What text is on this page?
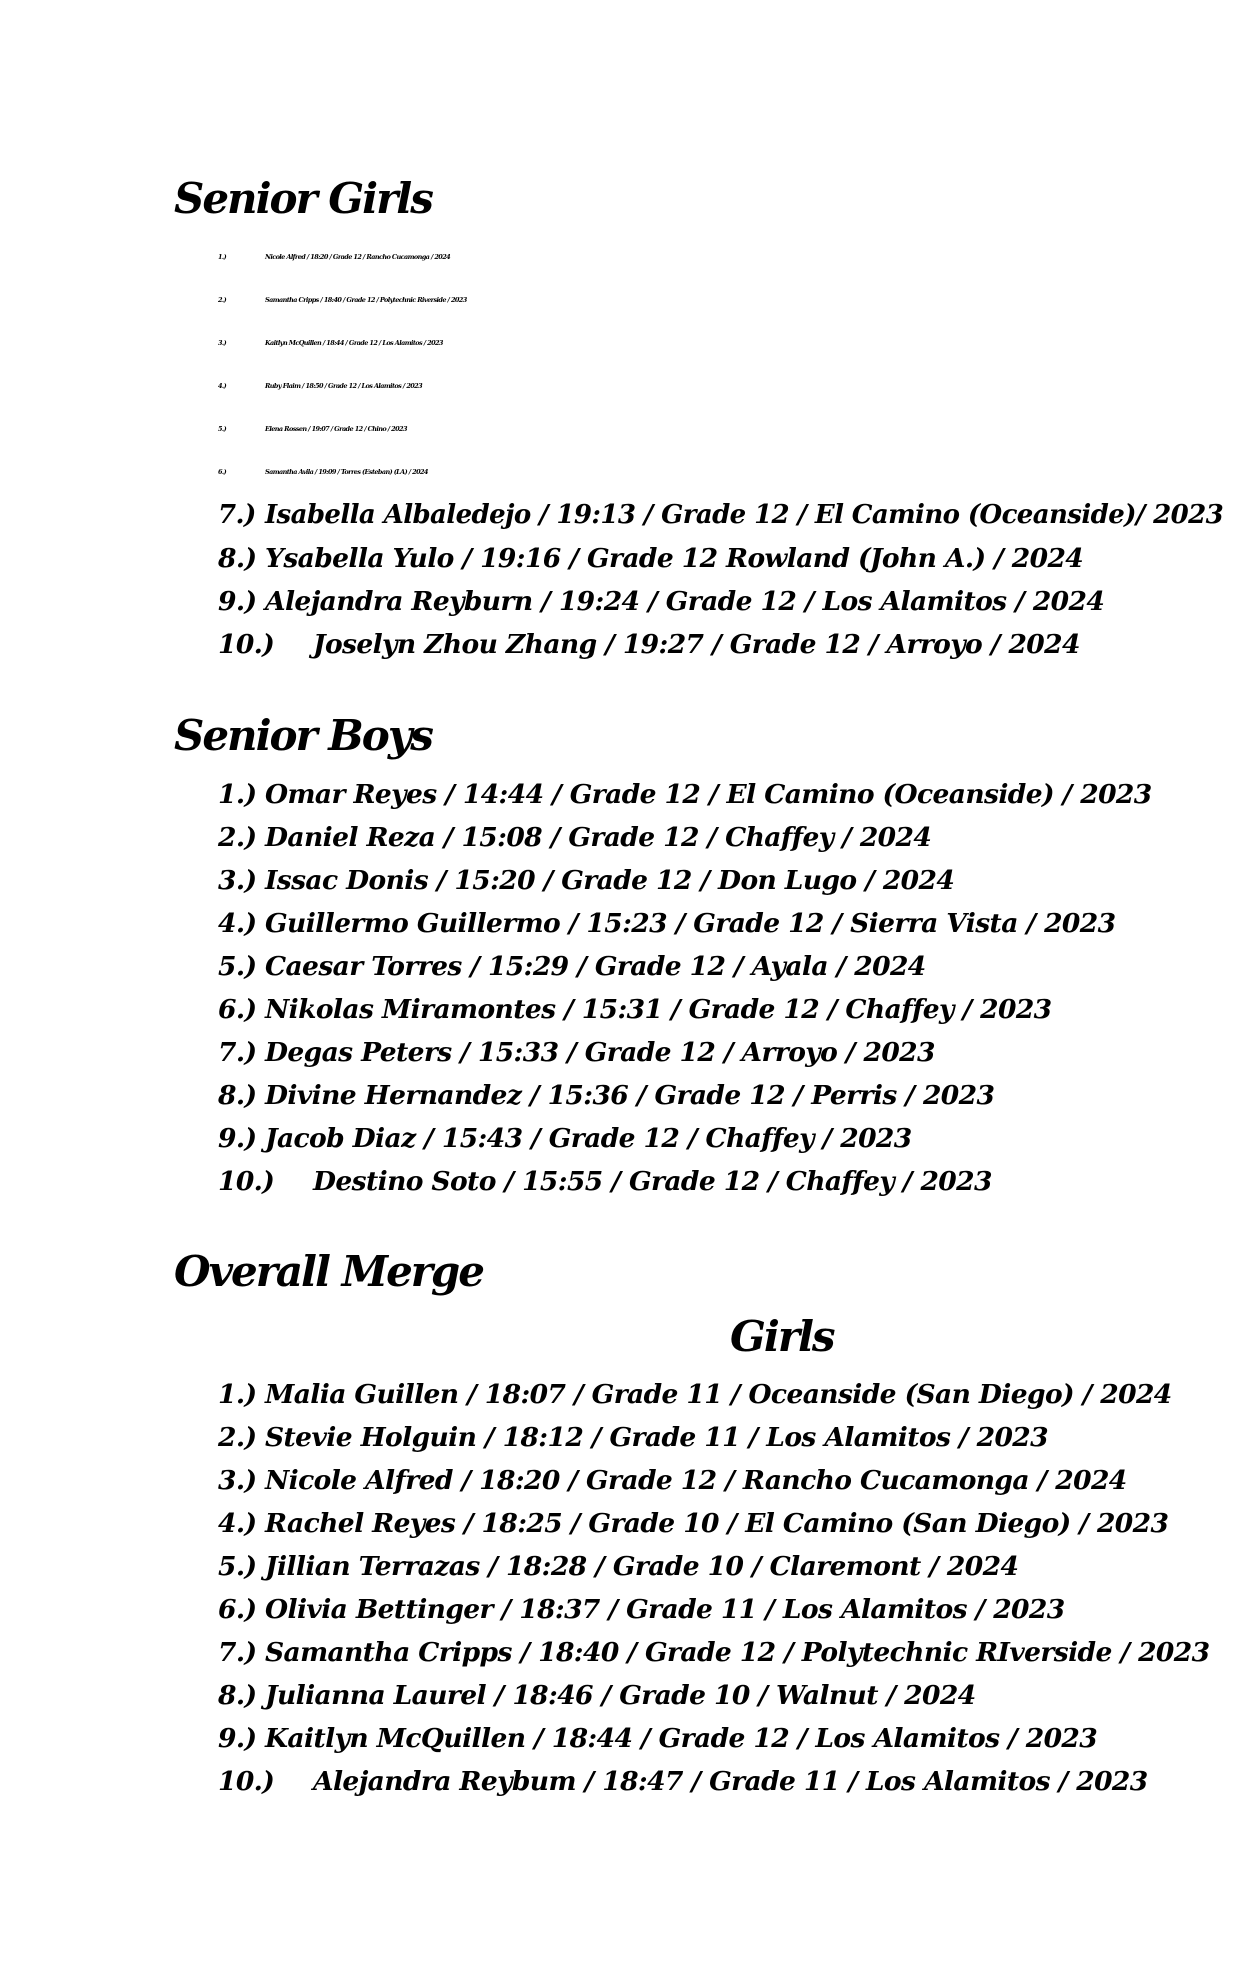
Senior Girls
1.)	Nicole Alfred / 18:20 / Grade 12 / Rancho Cucamonga / 2024
2.)	Samantha Cripps / 18:40 / Grade 12 / Polytechnic Riverside / 2023
3.)	Kaitlyn McQuillen / 18:44 / Grade 12 / Los Alamitos / 2023
4.)	Ruby Flaim / 18:50 / Grade 12 / Los Alamitos / 2023
5.)	Elena Rossen / 19:07 / Grade 12 / Chino / 2023
6.)	Samantha Avila / 19:09 / Torres (Esteban) (LA) / 2024
7.) Isabella Albaledejo / 19:13 / Grade 12 / El Camino (Oceanside)/ 2023
8.) Ysabella Yulo / 19:16 / Grade 12 Rowland (John A.) / 2024
9.) Alejandra Reyburn / 19:24 / Grade 12 / Los Alamitos / 2024
10.) Joselyn Zhou Zhang / 19:27 / Grade 12 / Arroyo / 2024
Senior Boys
1.) Omar Reyes / 14:44 / Grade 12 / El Camino (Oceanside) / 2023
2.) Daniel Reza / 15:08 / Grade 12 / Chaffey / 2024
3.) Issac Donis / 15:20 / Grade 12 / Don Lugo / 2024
4.) Guillermo Guillermo / 15:23 / Grade 12 / Sierra Vista / 2023
5.) Caesar Torres / 15:29 / Grade 12 / Ayala / 2024
6.) Nikolas Miramontes / 15:31 / Grade 12 / Chaffey / 2023
7.) Degas Peters / 15:33 / Grade 12 / Arroyo / 2023
8.) Divine Hernandez / 15:36 / Grade 12 / Perris / 2023
9.) Jacob Diaz / 15:43 / Grade 12 / Chaffey / 2023
10.) Destino Soto / 15:55 / Grade 12 / Chaffey / 2023
Overall Merge
Girls
1.) Malia Guillen / 18:07 / Grade 11 / Oceanside (San Diego) / 2024
2.) Stevie Holguin / 18:12 / Grade 11 / Los Alamitos / 2023
3.) Nicole Alfred / 18:20 / Grade 12 / Rancho Cucamonga / 2024
4.) Rachel Reyes / 18:25 / Grade 10 / El Camino (San Diego) / 2023
5.) Jillian Terrazas / 18:28 / Grade 10 / Claremont / 2024
6.) Olivia Bettinger / 18:37 / Grade 11 / Los Alamitos / 2023
7.) Samantha Cripps / 18:40 / Grade 12 / Polytechnic RIverside / 2023
8.) Julianna Laurel / 18:46 / Grade 10 / Walnut / 2024
9.) Kaitlyn McQuillen / 18:44 / Grade 12 / Los Alamitos / 2023
10.) Alejandra Reybum / 18:47 / Grade 11 / Los Alamitos / 2023
